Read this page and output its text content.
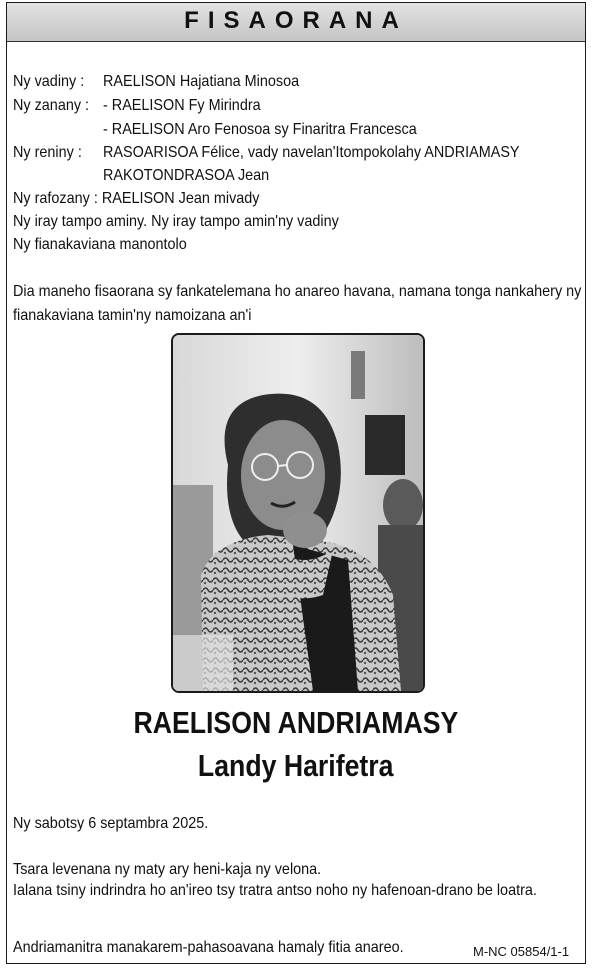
FISAORANA
Ny vadiny : RAELISON Hajatiana Minosoa
Ny zanany : - RAELISON Fy Mirindra
- RAELISON Aro Fenosoa sy Finaritra Francesca
Ny reniny : RASOARISOA Félice, vady navelan'Itompokolahy ANDRIAMASY
RAKOTONDRASOA Jean
Ny rafozany : RAELISON Jean mivady
Ny iray tampo aminy. Ny iray tampo amin'ny vadiny
Ny fianakaviana manontolo
Dia maneho fisaorana sy fankatelemana ho anareo havana, namana tonga nankahery ny fianakaviana tamin'ny namoizana an'i
RAELISON ANDRIAMASY
Landy Harifetra
Ny sabotsy 6 septambra 2025.
Tsara levenana ny maty ary heni-kaja ny velona.
Ialana tsiny indrindra ho an'ireo tsy tratra antso noho ny hafenoan-drano be loatra.
Andriamanitra manakarem-pahasoavana hamaly fitia anareo.	M-NC 05854/1-1
